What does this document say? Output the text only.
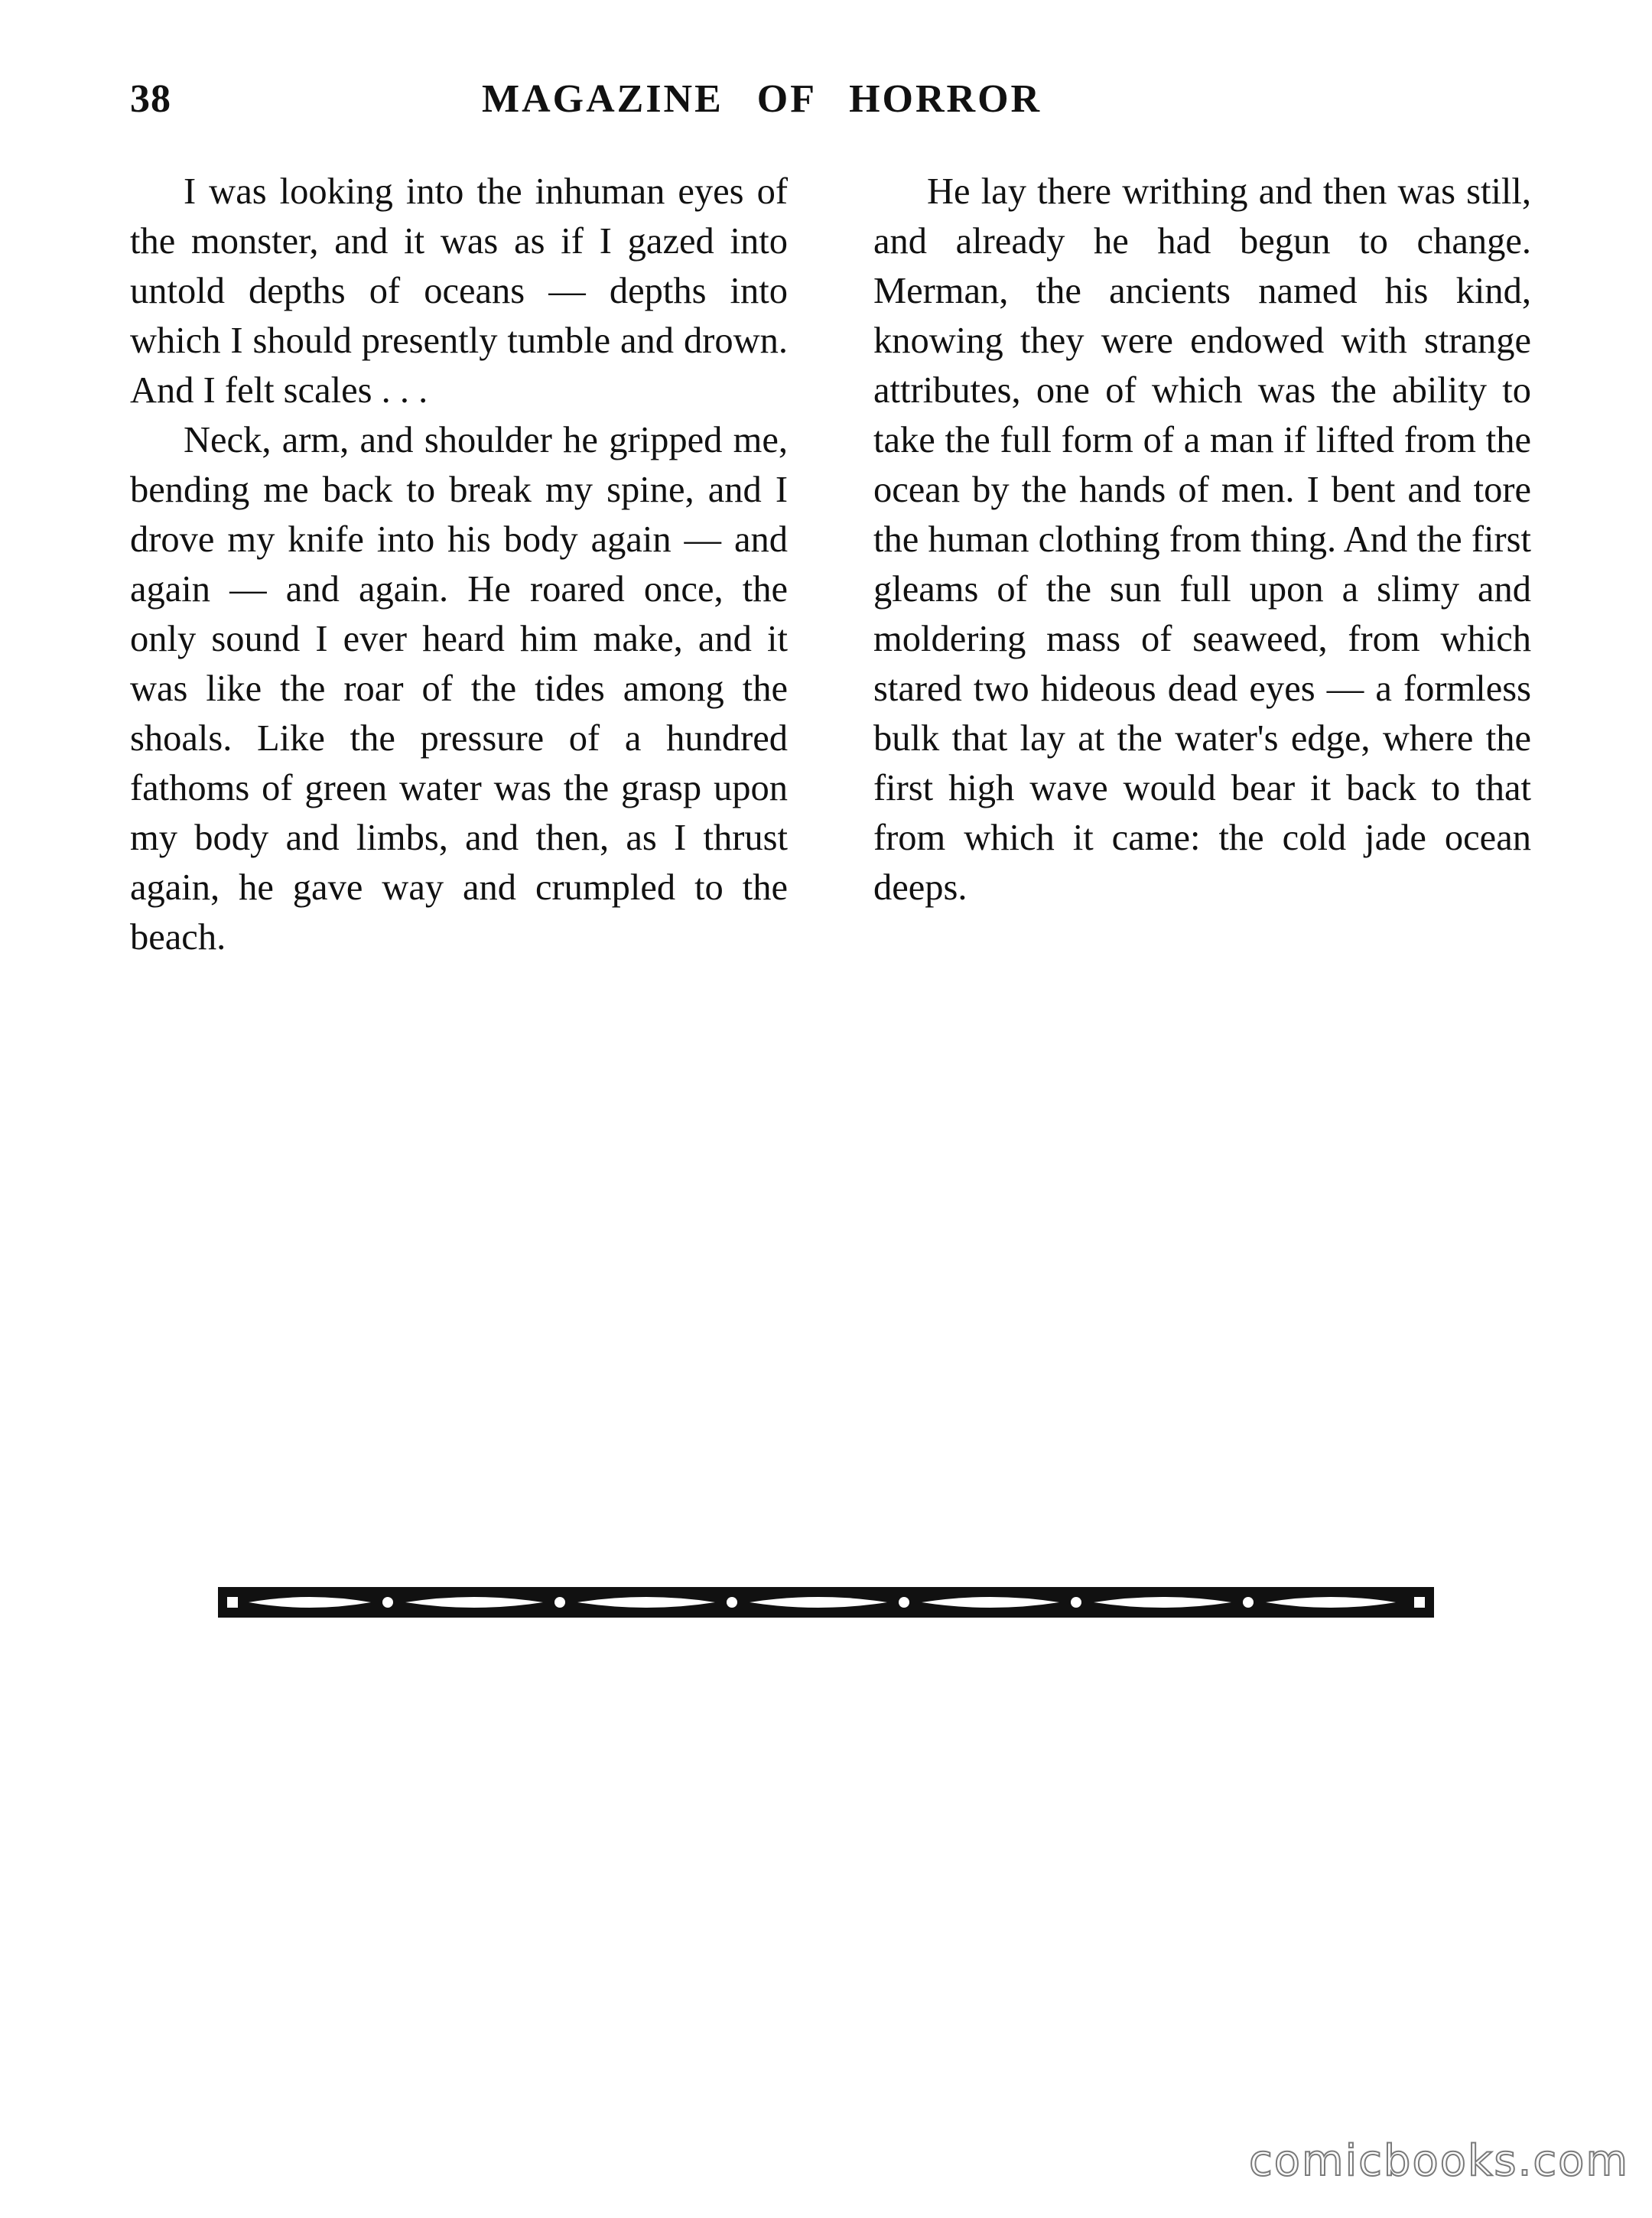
38	MAGAZINE OF HORROR

I was looking into the inhuman eyes of the monster, and it was as if I gazed into untold depths of oceans — depths into which I should presently tumble and drown. And I felt scales . . .

Neck, arm, and shoulder he gripped me, bending me back to break my spine, and I drove my knife into his body again — and again — and again. He roared once, the only sound I ever heard him make, and it was like the roar of the tides among the shoals. Like the pressure of a hundred fathoms of green water was the grasp upon my body and limbs, and then, as I thrust again, he gave way and crumpled to the beach.

He lay there writhing and then was still, and already he had begun to change. Merman, the ancients named his kind, knowing they were endowed with strange attributes, one of which was the ability to take the full form of a man if lifted from the ocean by the hands of men. I bent and tore the human clothing from thing. And the first gleams of the sun full upon a slimy and moldering mass of seaweed, from which stared two hideous dead eyes — a formless bulk that lay at the water's edge, where the first high wave would bear it back to that from which it came: the cold jade ocean deeps.

comicbooks.com
